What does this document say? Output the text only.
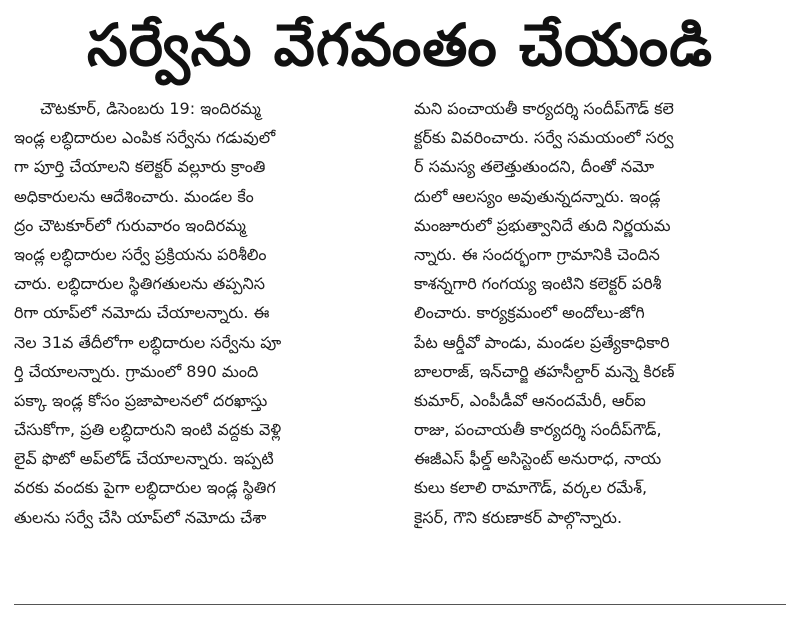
సర్వేను వేగవంతం చేయండి
చౌటకూర్, డిసెంబరు 19: ఇందిరమ్మ
ఇండ్ల లబ్ధిదారుల ఎంపిక సర్వేను గడువులో
గా పూర్తి చేయాలని కలెక్టర్ వల్లూరు క్రాంతి
అధికారులను ఆదేశించారు. మండల కేం
ద్రం చౌటకూర్‌లో గురువారం ఇందిరమ్మ
ఇండ్ల లబ్ధిదారుల సర్వే ప్రక్రియను పరిశీలిం
చారు. లబ్ధిదారుల స్థితిగతులను తప్పనిస
రిగా యాప్‌లో నమోదు చేయాలన్నారు. ఈ
నెల 31వ తేదీలోగా లబ్ధిదారుల సర్వేను పూ
ర్తి చేయాలన్నారు. గ్రామంలో 890 మంది
పక్కా ఇండ్ల కోసం ప్రజాపాలనలో దరఖాస్తు
చేసుకోగా, ప్రతి లబ్ధిదారుని ఇంటి వద్దకు వెళ్లి
లైవ్ ఫొటో అప్‌లోడ్ చేయాలన్నారు. ఇప్పటి
వరకు వందకు పైగా లబ్ధిదారుల ఇండ్ల స్థితిగ
తులను సర్వే చేసి యాప్‌లో నమోదు చేశా
మని పంచాయతీ కార్యదర్శి సందీప్‌గౌడ్ కలె
క్టర్‌కు వివరించారు. సర్వే సమయంలో సర్వ
ర్ సమస్య తలెత్తుతుందని, దీంతో నమో
దులో ఆలస్యం అవుతున్నదన్నారు. ఇండ్ల
మంజూరులో ప్రభుత్వానిదే తుది నిర్ణయమ
న్నారు. ఈ సందర్భంగా గ్రామానికి చెందిన
కాశన్నగారి గంగయ్య ఇంటిని కలెక్టర్ పరిశీ
లించారు. కార్యక్రమంలో అందోలు-జోగి
పేట ఆర్డీవో పాండు, మండల ప్రత్యేకాధికారి
బాలరాజ్, ఇన్‌చార్జి తహసీల్దార్ మన్నె కిరణ్
కుమార్, ఎంపీడీవో ఆనందమేరీ, ఆర్ఐ
రాజు, పంచాయతీ కార్యదర్శి సందీప్‌గౌడ్,
ఈజీఎస్ ఫీల్డ్ అసిస్టెంట్ అనురాధ, నాయ
కులు కలాలి రామాగౌడ్, వర్కల రమేశ్,
కైసర్, గౌని కరుణాకర్ పాల్గొన్నారు.
